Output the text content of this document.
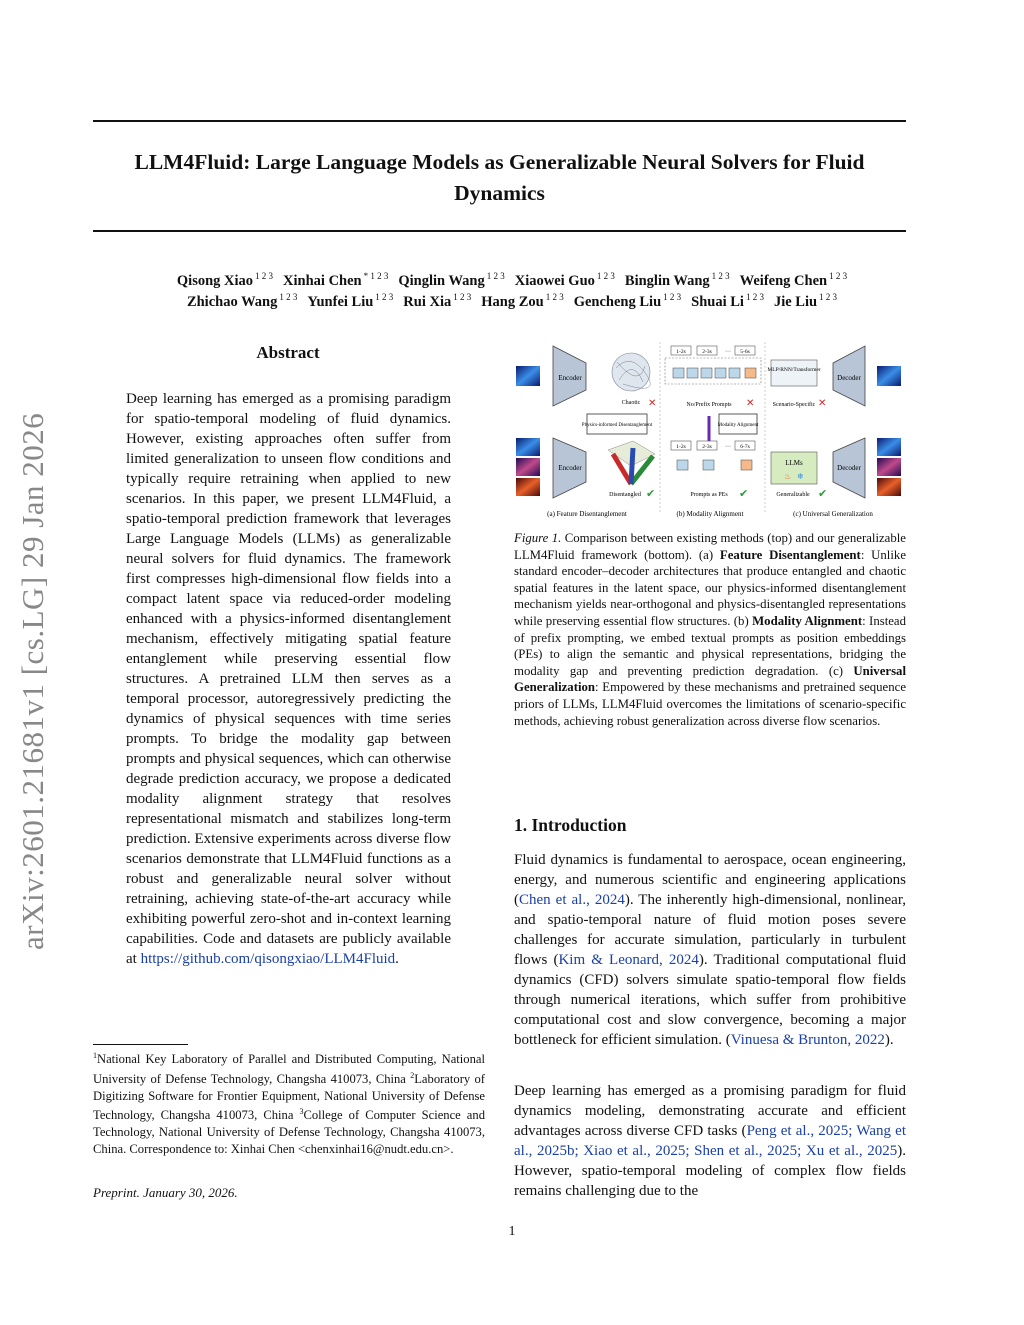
LLM4Fluid: Large Language Models as Generalizable Neural Solvers for Fluid Dynamics
Qisong Xiao $^{1 2 3}$ Xinhai Chen $^{* 1 2 3}$ Qinglin Wang $^{1 2 3}$ Xiaowei Guo $^{1 2 3}$ Binglin Wang $^{1 2 3}$ Weifeng Chen $^{1 2 3}$
Zhichao Wang $^{1 2 3}$ Yunfei Liu $^{1 2 3}$ Rui Xia $^{1 2 3}$ Hang Zou $^{1 2 3}$ Gencheng Liu $^{1 2 3}$ Shuai Li $^{1 2 3}$ Jie Liu $^{1 2 3}$
arXiv:2601.21681v1 [cs.LG] 29 Jan 2026
Abstract
Deep learning has emerged as a promising paradigm for spatio-temporal modeling of fluid dynamics. However, existing approaches often suffer from limited generalization to unseen flow conditions and typically require retraining when applied to new scenarios. In this paper, we present LLM4Fluid, a spatio-temporal prediction framework that leverages Large Language Models (LLMs) as generalizable neural solvers for fluid dynamics. The framework first compresses high-dimensional flow fields into a compact latent space via reduced-order modeling enhanced with a physics-informed disentanglement mechanism, effectively mitigating spatial feature entanglement while preserving essential flow structures. A pretrained LLM then serves as a temporal processor, autoregressively predicting the dynamics of physical sequences with time series prompts. To bridge the modality gap between prompts and physical sequences, which can otherwise degrade prediction accuracy, we propose a dedicated modality alignment strategy that resolves representational mismatch and stabilizes long-term prediction. Extensive experiments across diverse flow scenarios demonstrate that LLM4Fluid functions as a robust and generalizable neural solver without retraining, achieving state-of-the-art accuracy while exhibiting powerful zero-shot and in-context learning capabilities. Code and datasets are publicly available at https://github.com/qisongxiao/LLM4Fluid.
$^1$National Key Laboratory of Parallel and Distributed Computing, National University of Defense Technology, Changsha 410073, China $^2$Laboratory of Digitizing Software for Frontier Equipment, National University of Defense Technology, Changsha 410073, China $^3$College of Computer Science and Technology, National University of Defense Technology, Changsha 410073, China. Correspondence to: Xinhai Chen <chenxinhai16@nudt.edu.cn>.
Preprint. January 30, 2026.
Encoder
Chaotic ✕
1-2s	2-3s ··· 5-6s
No/Prefix Prompts ✕
MLP/RNN/Transformer
Scenario-Specific ✕
Decoder
Physics-informed Disentanglement	Modality Alignment
Encoder
Disentangled ✔
1-2s	2-3s ··· 6-7s
Prompts as PEs ✔
LLMs
♨ ❄
Generalizable ✔
Decoder
(a) Feature Disentanglement	(b) Modality Alignment	(c) Universal Generalization
Figure 1. Comparison between existing methods (top) and our generalizable LLM4Fluid framework (bottom). (a) Feature Disentanglement: Unlike standard encoder–decoder architectures that produce entangled and chaotic spatial features in the latent space, our physics-informed disentanglement mechanism yields near-orthogonal and physics-disentangled representations while preserving essential flow structures. (b) Modality Alignment: Instead of prefix prompting, we embed textual prompts as position embeddings (PEs) to align the semantic and physical representations, bridging the modality gap and preventing prediction degradation. (c) Universal Generalization: Empowered by these mechanisms and pretrained sequence priors of LLMs, LLM4Fluid overcomes the limitations of scenario-specific methods, achieving robust generalization across diverse flow scenarios.
1. Introduction
Fluid dynamics is fundamental to aerospace, ocean engineering, energy, and numerous scientific and engineering applications (Chen et al., 2024). The inherently high-dimensional, nonlinear, and spatio-temporal nature of fluid motion poses severe challenges for accurate simulation, particularly in turbulent flows (Kim & Leonard, 2024). Traditional computational fluid dynamics (CFD) solvers simulate spatio-temporal flow fields through numerical iterations, which suffer from prohibitive computational cost and slow convergence, becoming a major bottleneck for efficient simulation. (Vinuesa & Brunton, 2022).
Deep learning has emerged as a promising paradigm for fluid dynamics modeling, demonstrating accurate and efficient advantages across diverse CFD tasks (Peng et al., 2025; Wang et al., 2025b; Xiao et al., 2025; Shen et al., 2025; Xu et al., 2025). However, spatio-temporal modeling of complex flow fields remains challenging due to the
1
